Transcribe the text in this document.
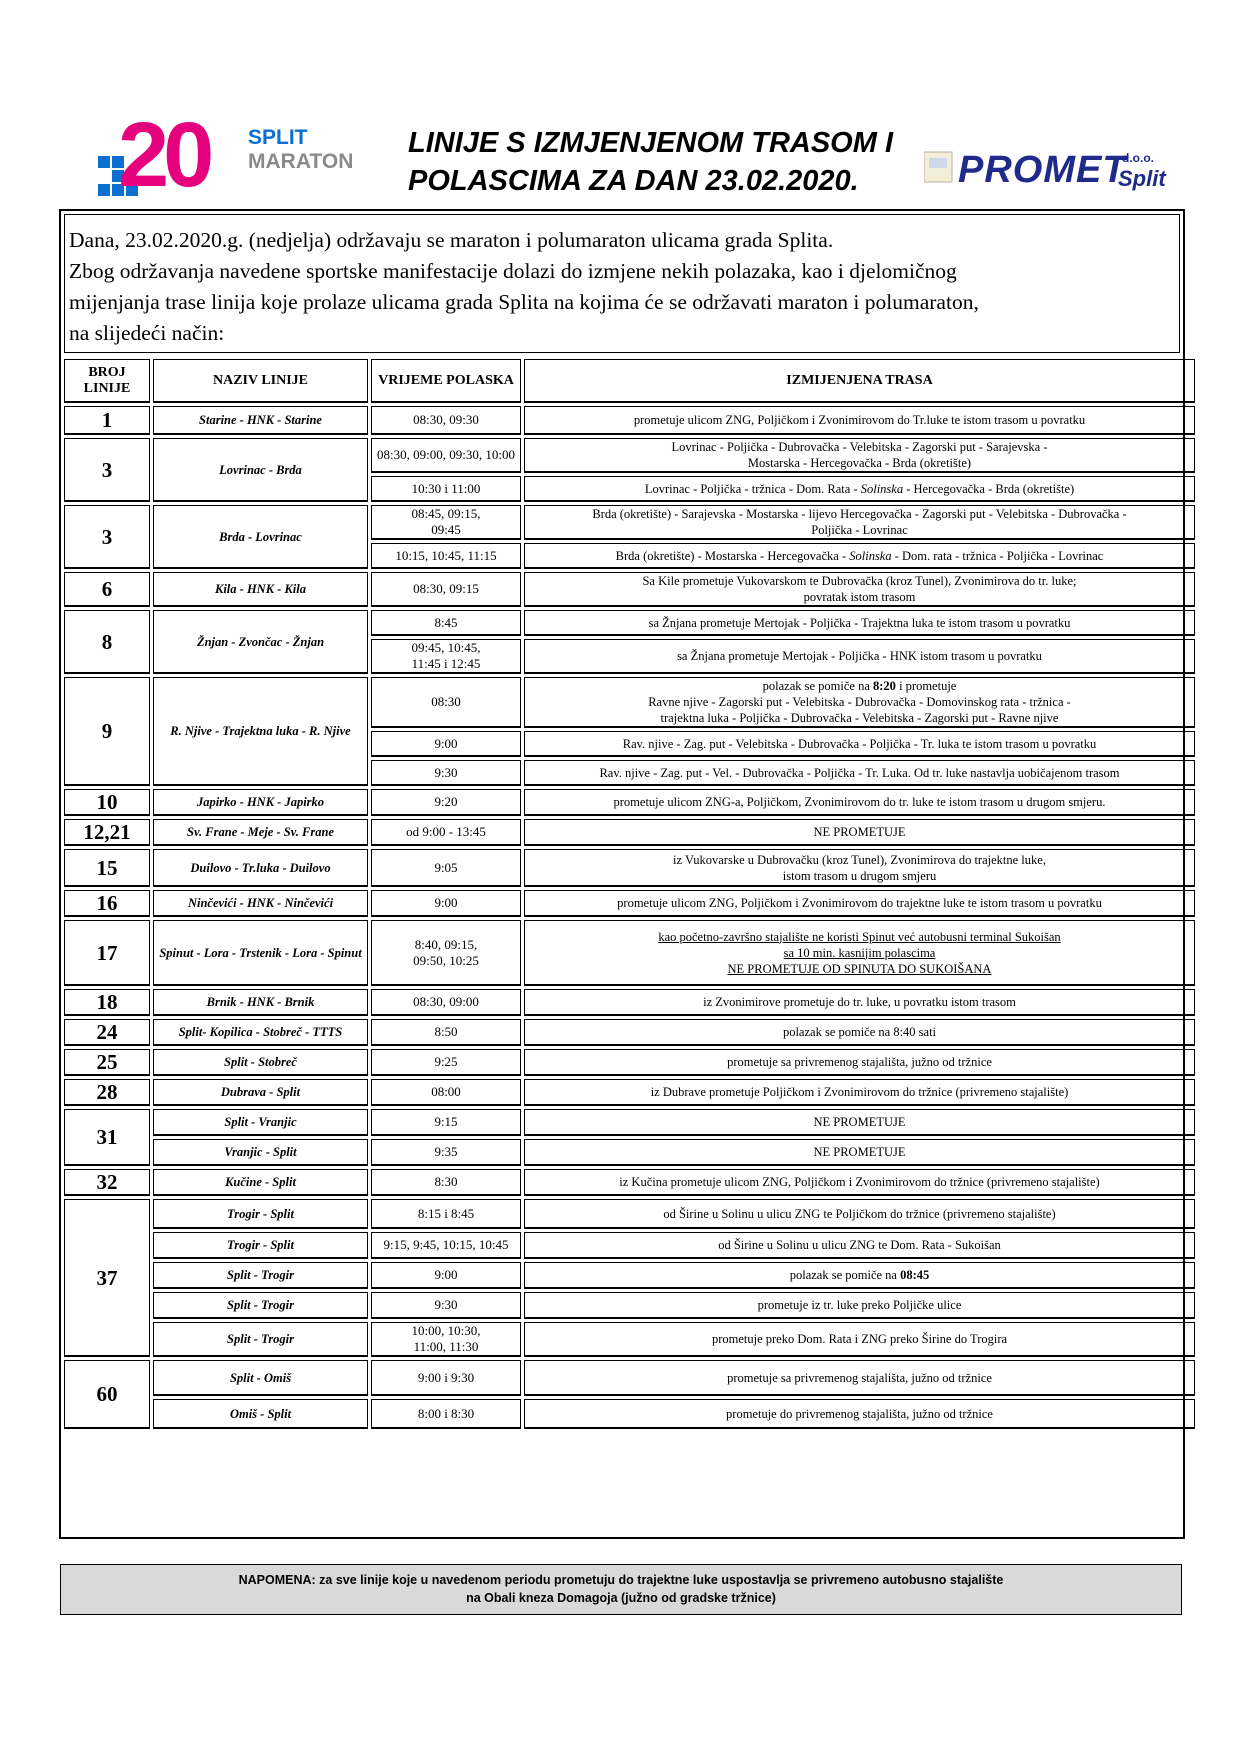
20 SPLIT
MARATON
LINIJE S IZMJENJENOM TRASOM I
POLASCIMA ZA DAN 23.02.2020.	PROMET
d.o.o.
Split
Dana, 23.02.2020.g. (nedjelja) održavaju se maraton i polumaraton ulicama grada Splita.
Zbog održavanja navedene sportske manifestacije dolazi do izmjene nekih polazaka, kao i djelomičnog
mijenjanja trase linija koje prolaze ulicama grada Splita na kojima će se održavati maraton i polumaraton,
na slijedeći način:
BROJ LINIJE	NAZIV LINIJE	VRIJEME POLASKA	IZMIJENJENA TRASA
1	Starine - HNK - Starine	08:30, 09:30	prometuje ulicom ZNG, Poljičkom i Zvonimirovom do Tr.luke te istom trasom u povratku
3	Lovrinac - Brda	08:30, 09:00, 09:30, 10:00	Lovrinac - Poljička - Dubrovačka - Velebitska - Zagorski put - Sarajevska -
Mostarska - Hercegovačka - Brda (okretište)
		10:30 i 11:00	Lovrinac - Poljička - tržnica - Dom. Rata - Solinska - Hercegovačka - Brda (okretište)
3	Brda - Lovrinac	08:45, 09:15,
09:45	Brda (okretište) - Sarajevska - Mostarska - lijevo Hercegovačka - Zagorski put - Velebitska - Dubrovačka -
Poljička - Lovrinac
		10:15, 10:45, 11:15	Brda (okretište) - Mostarska - Hercegovačka - Solinska - Dom. rata - tržnica - Poljička - Lovrinac
6	Kila - HNK - Kila	08:30, 09:15	Sa Kile prometuje Vukovarskom te Dubrovačka (kroz Tunel), Zvonimirova do tr. luke;
povratak istom trasom
8	Žnjan - Zvončac - Žnjan	8:45	sa Žnjana prometuje Mertojak - Poljička - Trajektna luka te istom trasom u povratku
		09:45, 10:45,
11:45 i 12:45	sa Žnjana prometuje Mertojak - Poljička - HNK istom trasom u povratku
9	R. Njive - Trajektna luka - R. Njive	08:30	polazak se pomiče na 8:20 i prometuje
Ravne njive - Zagorski put - Velebitska - Dubrovačka - Domovinskog rata - tržnica -
trajektna luka - Poljička - Dubrovačka - Velebitska - Zagorski put - Ravne njive
		9:00	Rav. njive - Zag. put - Velebitska - Dubrovačka - Poljička - Tr. luka te istom trasom u povratku
		9:30	Rav. njive - Zag. put - Vel. - Dubrovačka - Poljička - Tr. Luka. Od tr. luke nastavlja uobičajenom trasom
10	Japirko - HNK - Japirko	9:20	prometuje ulicom ZNG-a, Poljičkom, Zvonimirovom do tr. luke te istom trasom u drugom smjeru.
12,21	Sv. Frane - Meje - Sv. Frane	od 9:00 - 13:45	NE PROMETUJE
15	Duilovo - Tr.luka - Duilovo	9:05	iz Vukovarske u Dubrovačku (kroz Tunel), Zvonimirova do trajektne luke,
istom trasom u drugom smjeru
16	Ninčevići - HNK - Ninčevići	9:00	prometuje ulicom ZNG, Poljičkom i Zvonimirovom do trajektne luke te istom trasom u povratku
17	Spinut - Lora - Trstenik - Lora - Spinut	8:40, 09:15,
09:50, 10:25	kao početno-završno stajalište ne koristi Spinut već autobusni terminal Sukoišan
sa 10 min. kasnijim polascima
NE PROMETUJE OD SPINUTA DO SUKOIŠANA
18	Brnik - HNK - Brnik	08:30, 09:00	iz Zvonimirove prometuje do tr. luke, u povratku istom trasom
24	Split- Kopilica - Stobreč - TTTS	8:50	polazak se pomiče na 8:40 sati
25	Split - Stobreč	9:25	prometuje sa privremenog stajališta, južno od tržnice
28	Dubrava - Split	08:00	iz Dubrave prometuje Poljičkom i Zvonimirovom do tržnice (privremeno stajalište)
31	Split - Vranjic	9:15	NE PROMETUJE
	Vranjic - Split	9:35	NE PROMETUJE
32	Kučine - Split	8:30	iz Kučina prometuje ulicom ZNG, Poljičkom i Zvonimirovom do tržnice (privremeno stajalište)
37	Trogir - Split	8:15 i 8:45	od Širine u Solinu u ulicu ZNG te Poljičkom do tržnice (privremeno stajalište)
	Trogir - Split	9:15, 9:45, 10:15, 10:45	od Širine u Solinu u ulicu ZNG te Dom. Rata - Sukoišan
	Split - Trogir	9:00	polazak se pomiče na 08:45
	Split - Trogir	9:30	prometuje iz tr. luke preko Poljičke ulice
	Split - Trogir	10:00, 10:30,
11:00, 11:30	prometuje preko Dom. Rata i ZNG preko Širine do Trogira
60	Split - Omiš	9:00 i 9:30	prometuje sa privremenog stajališta, južno od tržnice
	Omiš - Split	8:00 i 8:30	prometuje do privremenog stajališta, južno od tržnice
NAPOMENA: za sve linije koje u navedenom periodu prometuju do trajektne luke uspostavlja se privremeno autobusno stajalište
na Obali kneza Domagoja (južno od gradske tržnice)
